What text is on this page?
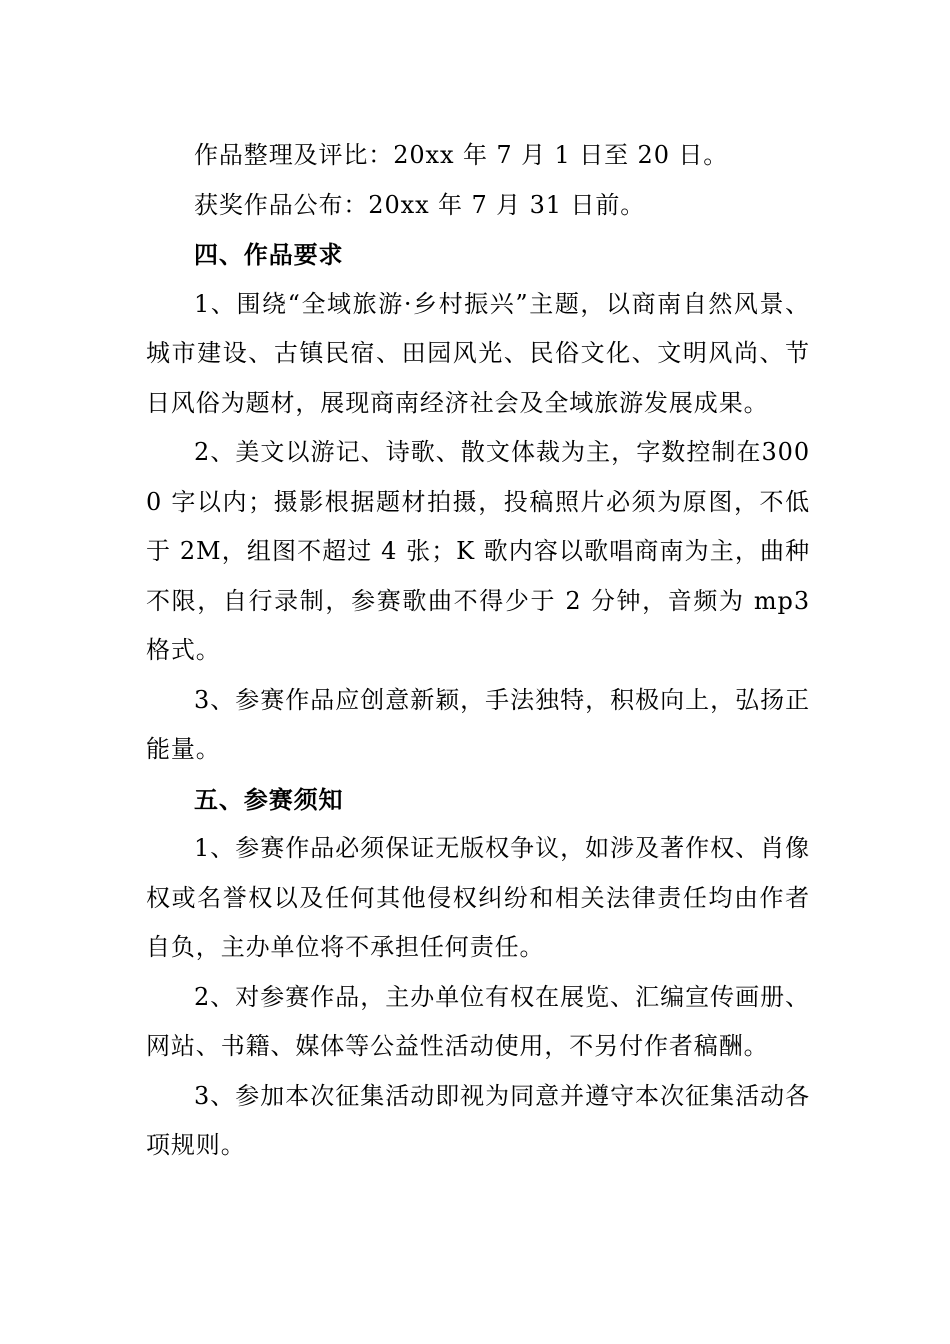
作品整理及评比：20xx 年 7 月 1 日至 20 日。

获奖作品公布：20xx 年 7 月 31 日前。

四、作品要求

1、围绕“全域旅游·乡村振兴”主题，以商南自然风景、城市建设、古镇民宿、田园风光、民俗文化、文明风尚、节日风俗为题材，展现商南经济社会及全域旅游发展成果。

2、美文以游记、诗歌、散文体裁为主，字数控制在3000 字以内；摄影根据题材拍摄，投稿照片必须为原图，不低于 2M，组图不超过 4 张；K 歌内容以歌唱商南为主，曲种不限，自行录制，参赛歌曲不得少于 2 分钟，音频为 mp3格式。

3、参赛作品应创意新颖，手法独特，积极向上，弘扬正能量。

五、参赛须知

1、参赛作品必须保证无版权争议，如涉及著作权、肖像权或名誉权以及任何其他侵权纠纷和相关法律责任均由作者自负，主办单位将不承担任何责任。

2、对参赛作品，主办单位有权在展览、汇编宣传画册、网站、书籍、媒体等公益性活动使用，不另付作者稿酬。

3、参加本次征集活动即视为同意并遵守本次征集活动各项规则。
